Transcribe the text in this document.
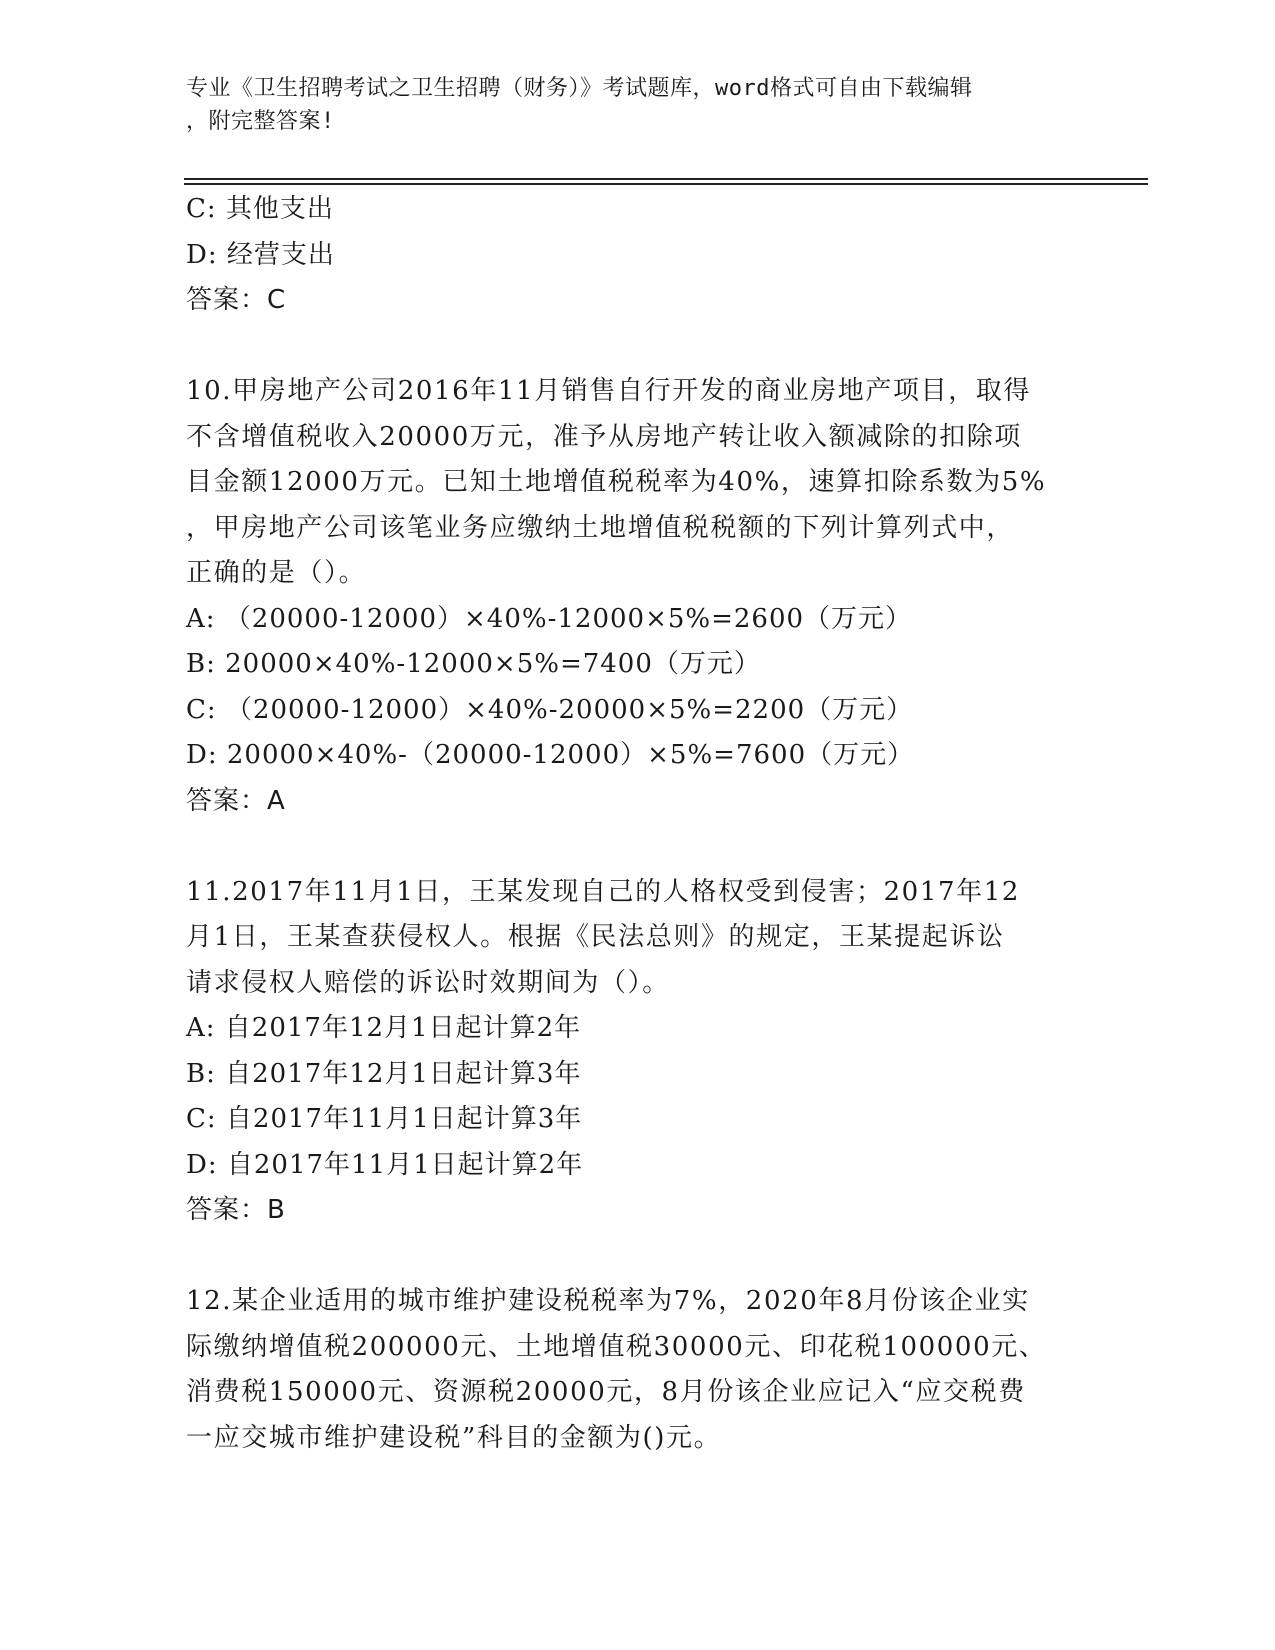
专业《卫生招聘考试之卫生招聘（财务）》考试题库，word格式可自由下载编辑
，附完整答案!
C: 其他支出
D: 经营支出
答案：C
10.甲房地产公司2016年11月销售自行开发的商业房地产项目，取得
不含增值税收入20000万元，准予从房地产转让收入额减除的扣除项
目金额12000万元。已知土地增值税税率为40%，速算扣除系数为5%
，甲房地产公司该笔业务应缴纳土地增值税税额的下列计算列式中，
正确的是（）。
A: （20000-12000）×40%-12000×5%=2600（万元）
B: 20000×40%-12000×5%=7400（万元）
C: （20000-12000）×40%-20000×5%=2200（万元）
D: 20000×40%-（20000-12000）×5%=7600（万元）
答案：A
11.2017年11月1日，王某发现自己的人格权受到侵害；2017年12
月1日，王某查获侵权人。根据《民法总则》的规定，王某提起诉讼
请求侵权人赔偿的诉讼时效期间为（）。
A: 自2017年12月1日起计算2年
B: 自2017年12月1日起计算3年
C: 自2017年11月1日起计算3年
D: 自2017年11月1日起计算2年
答案：B
12.某企业适用的城市维护建设税税率为7%，2020年8月份该企业实
际缴纳增值税200000元、土地增值税30000元、印花税100000元、
消费税150000元、资源税20000元，8月份该企业应记入“应交税费
一应交城市维护建设税”科目的金额为()元。
